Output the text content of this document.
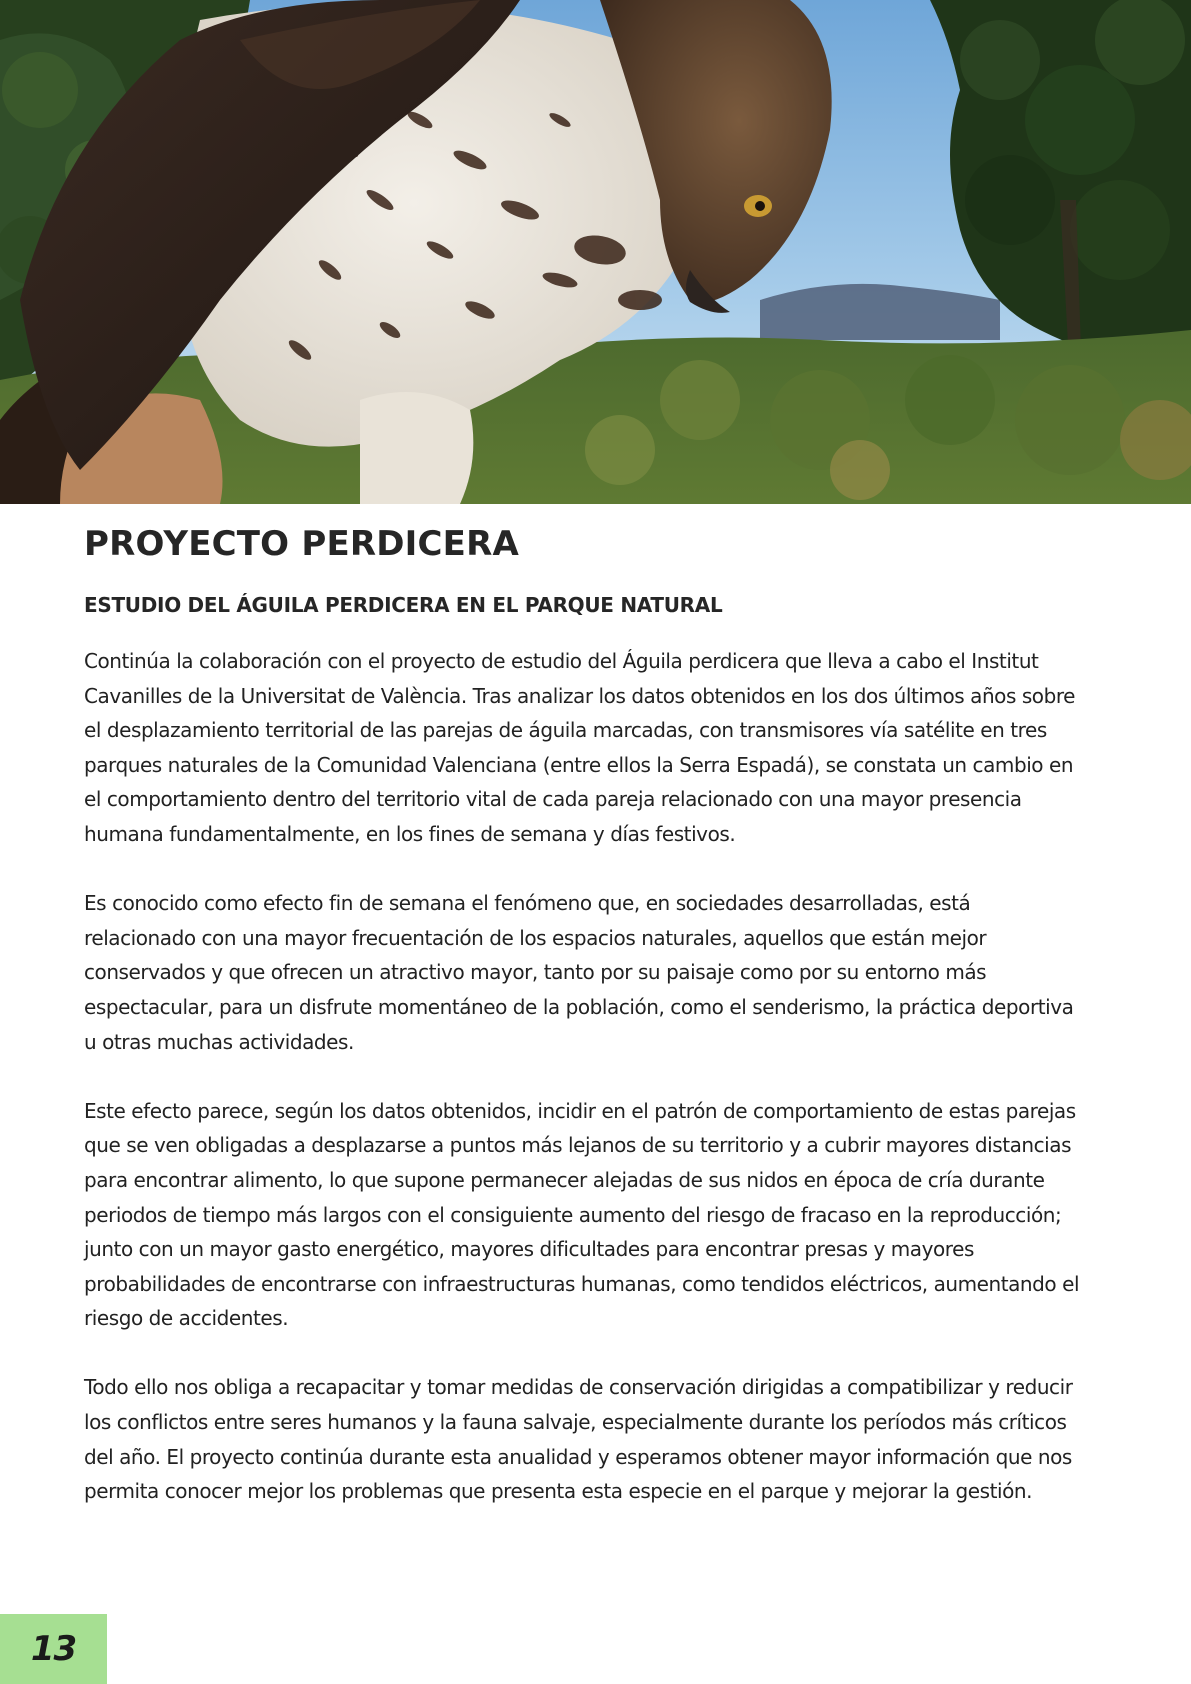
PROYECTO PERDICERA
ESTUDIO DEL ÁGUILA PERDICERA EN EL PARQUE NATURAL

Continúa la colaboración con el proyecto de estudio del Águila perdicera que lleva a cabo el Institut Cavanilles de la Universitat de València. Tras analizar los datos obtenidos en los dos últimos años sobre el desplazamiento territorial de las parejas de águila marcadas, con transmisores vía satélite en tres parques naturales de la Comunidad Valenciana (entre ellos la Serra Espadá), se constata un cambio en el comportamiento dentro del territorio vital de cada pareja relacionado con una mayor presencia humana fundamentalmente, en los fines de semana y días festivos.

Es conocido como efecto fin de semana el fenómeno que, en sociedades desarrolladas, está relacionado con una mayor frecuentación de los espacios naturales, aquellos que están mejor conservados y que ofrecen un atractivo mayor, tanto por su paisaje como por su entorno más espectacular, para un disfrute momentáneo de la población, como el senderismo, la práctica deportiva u otras muchas actividades.

Este efecto parece, según los datos obtenidos, incidir en el patrón de comportamiento de estas parejas que se ven obligadas a desplazarse a puntos más lejanos de su territorio y a cubrir mayores distancias para encontrar alimento, lo que supone permanecer alejadas de sus nidos en época de cría durante periodos de tiempo más largos con el consiguiente aumento del riesgo de fracaso en la reproducción; junto con un mayor gasto energético, mayores dificultades para encontrar presas y mayores probabilidades de encontrarse con infraestructuras humanas, como tendidos eléctricos, aumentando el riesgo de accidentes.

Todo ello nos obliga a recapacitar y tomar medidas de conservación dirigidas a compatibilizar y reducir los conflictos entre seres humanos y la fauna salvaje, especialmente durante los períodos más críticos del año. El proyecto continúa durante esta anualidad y esperamos obtener mayor información que nos permita conocer mejor los problemas que presenta esta especie en el parque y mejorar la gestión.

13
